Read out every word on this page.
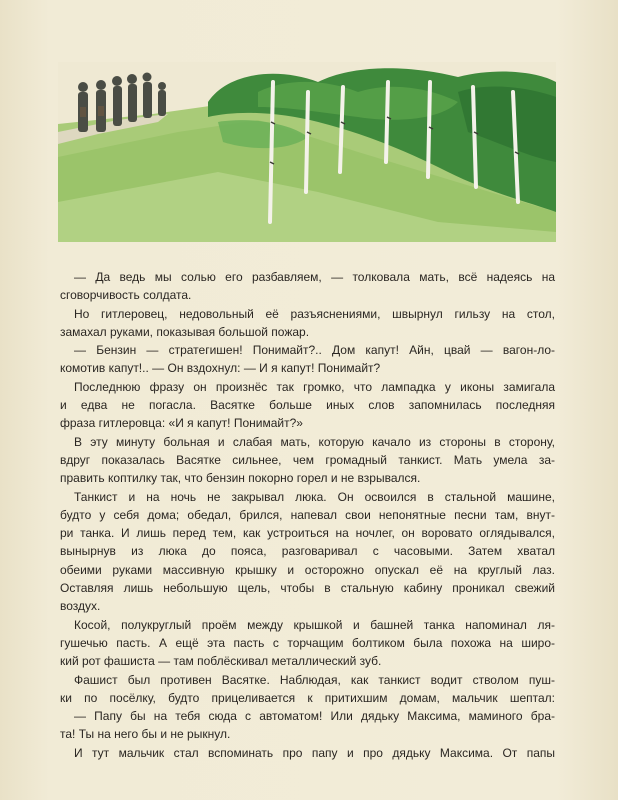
— Да ведь мы солью его разбавляем, — толковала мать, всё надеясь на
сговорчивость солдата.
Но гитлеровец, недовольный её разъяснениями, швырнул гильзу на стол,
замахал руками, показывая большой пожар.
— Бензин — стратегишен! Понимайт?.. Дом капут! Айн, цвай — вагон-ло-
комотив капут!.. — Он вздохнул: — И я капут! Понимайт?
Последнюю фразу он произнёс так громко, что лампадка у иконы замигала
и едва не погасла. Васятке больше иных слов запомнилась последняя
фраза гитлеровца: «И я капут! Понимайт?»
В эту минуту больная и слабая мать, которую качало из стороны в сторону,
вдруг показалась Васятке сильнее, чем громадный танкист. Мать умела за-
править коптилку так, что бензин покорно горел и не взрывался.
Танкист и на ночь не закрывал люка. Он освоился в стальной машине,
будто у себя дома; обедал, брился, напевал свои непонятные песни там, внут-
ри танка. И лишь перед тем, как устроиться на ночлег, он вороватo оглядывался,
вынырнув из люка до пояса, разговаривал с часовыми. Затем хватал
обеими руками массивную крышку и осторожно опускал её на круглый лаз.
Оставляя лишь небольшую щель, чтобы в стальную кабину проникал свежий
воздух.
Косой, полукруглый проём между крышкой и башней танка напоминал ля-
гушечью пасть. А ещё эта пасть с торчащим болтиком была похожа на широ-
кий рот фашиста — там поблёскивал металлический зуб.
Фашист был противен Васятке. Наблюдая, как танкист водит стволом пуш-
ки по посёлку, будто прицеливается к притихшим домам, мальчик шептал:
— Папу бы на тебя сюда с автоматом! Или дядьку Максима, маминого бра-
та! Ты на него бы и не рыкнул.
И тут мальчик стал вспоминать про папу и про дядьку Максима. От папы
